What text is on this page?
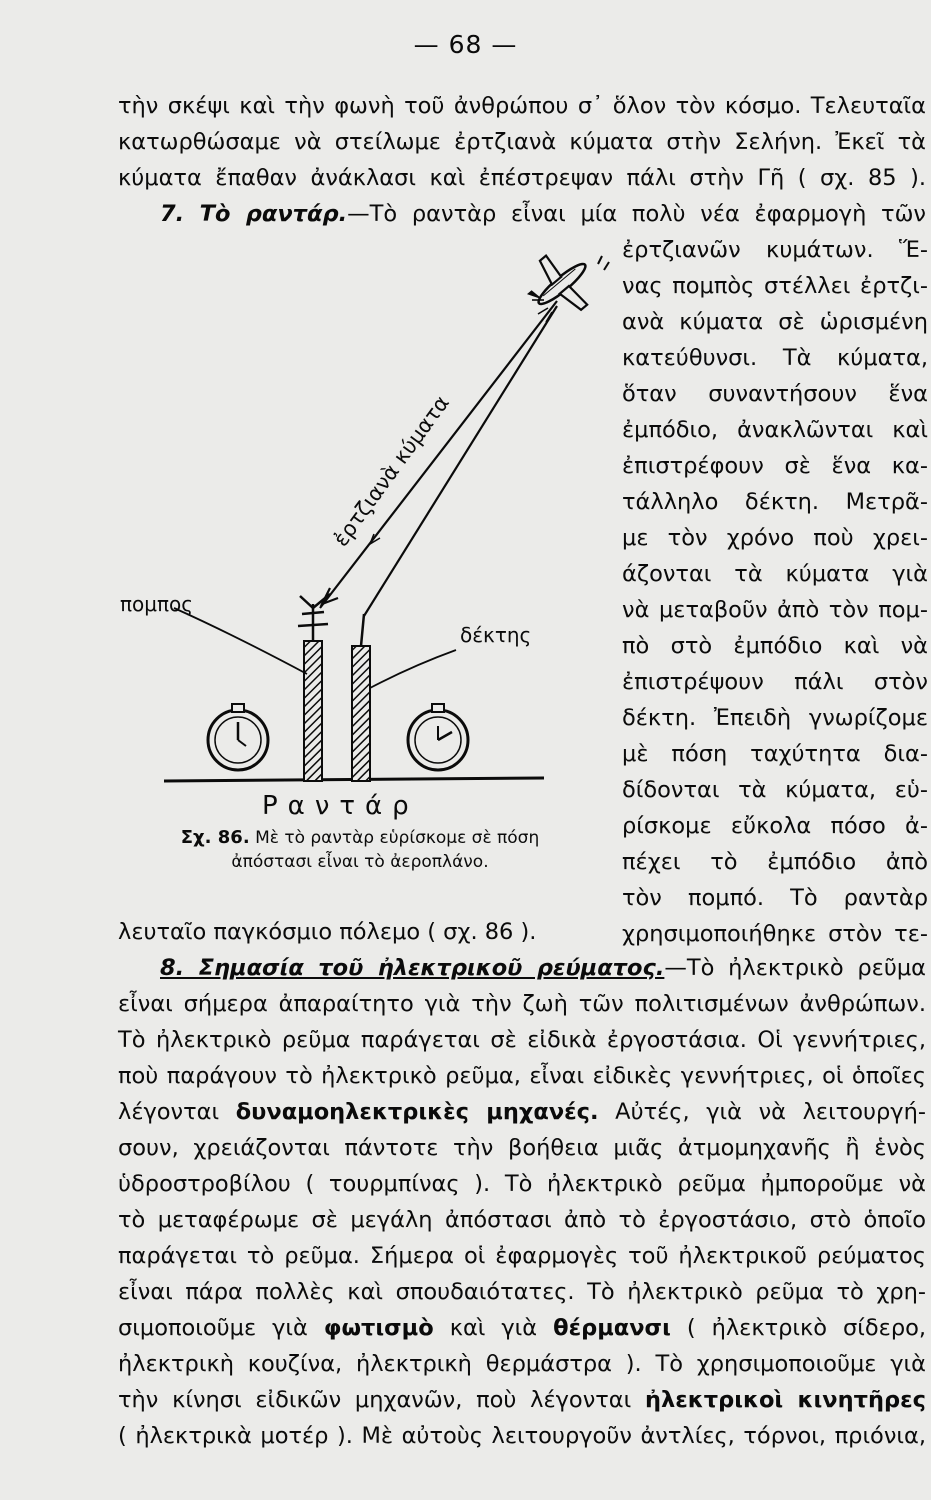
— 68 —
τὴν σκέψι καὶ τὴν φωνὴ τοῦ ἀνθρώπου σ᾽ ὅλον τὸν κόσμο. Τελευταῖα
κατωρθώσαμε νὰ στείλωμε ἐρτζιανὰ κύματα στὴν Σελήνη. Ἐκεῖ τὰ
κύματα ἔπαθαν ἀνάκλασι καὶ ἐπέστρεψαν πάλι στὴν Γῆ ( σχ. 85 ).
7. Τὸ ραντάρ.—Τὸ ραντὰρ εἶναι μία πολὺ νέα ἐφαρμογὴ τῶν
ἐρτζιανῶν κυμάτων. Ἕ-
νας πομπὸς στέλλει ἐρτζι-
ανὰ κύματα σὲ ὡρισμένη
κατεύθυνσι. Τὰ κύματα,
ὅταν συναντήσουν ἕνα
ἐμπόδιο, ἀνακλῶνται καὶ
ἐπιστρέφουν σὲ ἕνα κα-
τάλληλο δέκτη. Μετρᾶ-
με τὸν χρόνο ποὺ χρει-
άζονται τὰ κύματα γιὰ
νὰ μεταβοῦν ἀπὸ τὸν πομ-
πὸ στὸ ἐμπόδιο καὶ νὰ
ἐπιστρέψουν πάλι στὸν
δέκτη. Ἐπειδὴ γνωρίζομε
μὲ πόση ταχύτητα δια-
δίδονται τὰ κύματα, εὑ-
ρίσκομε εὔκολα πόσο ἀ-
πέχει τὸ ἐμπόδιο ἀπὸ
τὸν πομπό. Τὸ ραντὰρ
χρησιμοποιήθηκε στὸν τε-
πομπος
δέκτης
ἐρτζιανὰ κύματα
Ραντάρ
Σχ. 86. Μὲ τὸ ραντὰρ εὑρίσκομε σὲ πόση
ἀπόστασι εἶναι τὸ ἀεροπλάνο.
λευταῖο παγκόσμιο πόλεμο ( σχ. 86 ).
8. Σημασία τοῦ ἠλεκτρικοῦ ρεύματος.—Τὸ ἠλεκτρικὸ ρεῦμα
εἶναι σήμερα ἀπαραίτητο γιὰ τὴν ζωὴ τῶν πολιτισμένων ἀνθρώπων.
Τὸ ἠλεκτρικὸ ρεῦμα παράγεται σὲ εἰδικὰ ἐργοστάσια. Οἱ γεννήτριες,
ποὺ παράγουν τὸ ἠλεκτρικὸ ρεῦμα, εἶναι εἰδικὲς γεννήτριες, οἱ ὁποῖες
λέγονται δυναμοηλεκτρικὲς μηχανές. Αὐτές, γιὰ νὰ λειτουργή-
σουν, χρειάζονται πάντοτε τὴν βοήθεια μιᾶς ἀτμομηχανῆς ἢ ἑνὸς
ὑδροστροβίλου ( τουρμπίνας ). Τὸ ἠλεκτρικὸ ρεῦμα ἠμποροῦμε νὰ
τὸ μεταφέρωμε σὲ μεγάλη ἀπόστασι ἀπὸ τὸ ἐργοστάσιο, στὸ ὁποῖο
παράγεται τὸ ρεῦμα. Σήμερα οἱ ἐφαρμογὲς τοῦ ἠλεκτρικοῦ ρεύματος
εἶναι πάρα πολλὲς καὶ σπουδαιότατες. Τὸ ἠλεκτρικὸ ρεῦμα τὸ χρη-
σιμοποιοῦμε γιὰ φωτισμὸ καὶ γιὰ θέρμανσι ( ἠλεκτρικὸ σίδερο,
ἠλεκτρικὴ κουζίνα, ἠλεκτρικὴ θερμάστρα ). Τὸ χρησιμοποιοῦμε γιὰ
τὴν κίνησι εἰδικῶν μηχανῶν, ποὺ λέγονται ἠλεκτρικοὶ κινητῆρες
( ἠλεκτρικὰ μοτέρ ). Μὲ αὐτοὺς λειτουργοῦν ἀντλίες, τόρνοι, πριόνια,
